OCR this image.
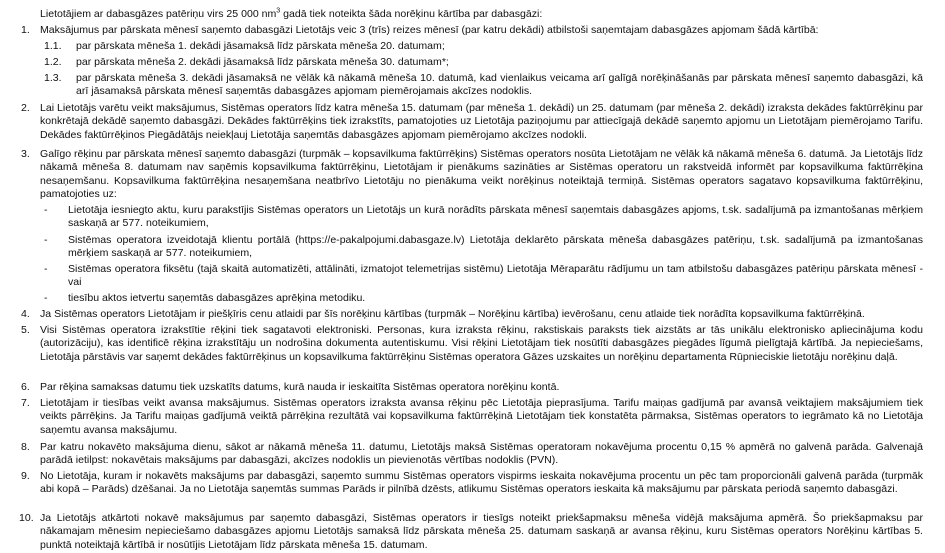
Lietotājiem ar dabasgāzes patēriņu virs 25 000 $nm^3$ gadā tiek noteikta šāda norēķinu kārtība par dabasgāzi:
1. Maksājumus par pārskata mēnesī saņemto dabasgāzi Lietotājs veic 3 (trīs) reizes mēnesī (par katru dekādi) atbilstoši saņemtajam dabasgāzes apjomam šādā kārtībā:
1.1. par pārskata mēneša 1. dekādi jāsamaksā līdz pārskata mēneša 20. datumam;
1.2. par pārskata mēneša 2. dekādi jāsamaksā līdz pārskata mēneša 30. datumam*;
1.3. par pārskata mēneša 3. dekādi jāsamaksā ne vēlāk kā nākamā mēneša 10. datumā, kad vienlaikus veicama arī galīgā norēķināšanās par pārskata mēnesī saņemto dabasgāzi, kā arī jāsamaksā pārskata mēnesī saņemtās dabasgāzes apjomam piemērojamais akcīzes nodoklis.
2. Lai Lietotājs varētu veikt maksājumus, Sistēmas operators līdz katra mēneša 15. datumam (par mēneša 1. dekādi) un 25. datumam (par mēneša 2. dekādi) izraksta dekādes faktūrrēķinu par konkrētajā dekādē saņemto dabasgāzi. Dekādes faktūrrēķins tiek izrakstīts, pamatojoties uz Lietotāja paziņojumu par attiecīgajā dekādē saņemto apjomu un Lietotājam piemērojamo Tarifu. Dekādes faktūrrēķinos Piegādātājs neiekļauj Lietotāja saņemtās dabasgāzes apjomam piemērojamo akcīzes nodokli.
3. Galīgo rēķinu par pārskata mēnesī saņemto dabasgāzi (turpmāk – kopsavilkuma faktūrrēķins) Sistēmas operators nosūta Lietotājam ne vēlāk kā nākamā mēneša 6. datumā. Ja Lietotājs līdz nākamā mēneša 8. datumam nav saņēmis kopsavilkuma faktūrrēķinu, Lietotājam ir pienākums sazināties ar Sistēmas operatoru un rakstveidā informēt par kopsavilkuma faktūrrēķina nesaņemšanu. Kopsavilkuma faktūrrēķina nesaņemšana neatbrīvo Lietotāju no pienākuma veikt norēķinus noteiktajā termiņā. Sistēmas operators sagatavo kopsavilkuma faktūrrēķinu, pamatojoties uz:
- Lietotāja iesniegto aktu, kuru parakstījis Sistēmas operators un Lietotājs un kurā norādīts pārskata mēnesī saņemtais dabasgāzes apjoms, t.sk. sadalījumā pa izmantošanas mērķiem saskaņā ar 577. noteikumiem,
- Sistēmas operatora izveidotajā klientu portālā (https://e-pakalpojumi.dabasgaze.lv) Lietotāja deklarēto pārskata mēneša dabasgāzes patēriņu, t.sk. sadalījumā pa izmantošanas mērķiem saskaņā ar 577. noteikumiem,
- Sistēmas operatora fiksētu (tajā skaitā automatizēti, attālināti, izmatojot telemetrijas sistēmu) Lietotāja Mēraparātu rādījumu un tam atbilstošu dabasgāzes patēriņu pārskata mēnesī - vai
- tiesību aktos ietvertu saņemtās dabasgāzes aprēķina metodiku.
4. Ja Sistēmas operators Lietotājam ir piešķīris cenu atlaidi par šīs norēķinu kārtības (turpmāk – Norēķinu kārtība) ievērošanu, cenu atlaide tiek norādīta kopsavilkuma faktūrrēķinā.
5. Visi Sistēmas operatora izrakstītie rēķini tiek sagatavoti elektroniski. Personas, kura izraksta rēķinu, rakstiskais paraksts tiek aizstāts ar tās unikālu elektronisko apliecinājuma kodu (autorizāciju), kas identificē rēķina izrakstītāju un nodrošina dokumenta autentiskumu. Visi rēķini Lietotājam tiek nosūtīti dabasgāzes piegādes līgumā pielīgtajā kārtībā. Ja nepieciešams, Lietotāja pārstāvis var saņemt dekādes faktūrrēķinus un kopsavilkuma faktūrrēķinu Sistēmas operatora Gāzes uzskaites un norēķinu departamenta Rūpnieciskie lietotāju norēķinu daļā.
6. Par rēķina samaksas datumu tiek uzskatīts datums, kurā nauda ir ieskaitīta Sistēmas operatora norēķinu kontā.
7. Lietotājam ir tiesības veikt avansa maksājumus. Sistēmas operators izraksta avansa rēķinu pēc Lietotāja pieprasījuma. Tarifu maiņas gadījumā par avansā veiktajiem maksājumiem tiek veikts pārrēķins. Ja Tarifu maiņas gadījumā veiktā pārrēķina rezultātā vai kopsavilkuma faktūrrēķinā Lietotājam tiek konstatēta pārmaksa, Sistēmas operators to iegrāmato kā no Lietotāja saņemtu avansa maksājumu.
8. Par katru nokavēto maksājuma dienu, sākot ar nākamā mēneša 11. datumu, Lietotājs maksā Sistēmas operatoram nokavējuma procentu 0,15 % apmērā no galvenā parāda. Galvenajā parādā ietilpst: nokavētais maksājums par dabasgāzi, akcīzes nodoklis un pievienotās vērtības nodoklis (PVN).
9. No Lietotāja, kuram ir nokavēts maksājums par dabasgāzi, saņemto summu Sistēmas operators vispirms ieskaita nokavējuma procentu un pēc tam proporcionāli galvenā parāda (turpmāk abi kopā – Parāds) dzēšanai. Ja no Lietotāja saņemtās summas Parāds ir pilnībā dzēsts, atlikumu Sistēmas operators ieskaita kā maksājumu par pārskata periodā saņemto dabasgāzi.
10. Ja Lietotājs atkārtoti nokavē maksājumus par saņemto dabasgāzi, Sistēmas operators ir tiesīgs noteikt priekšapmaksu mēneša vidējā maksājuma apmērā. Šo priekšapmaksu par nākamajam mēnesim nepieciešamo dabasgāzes apjomu Lietotājs samaksā līdz pārskata mēneša 25. datumam saskaņā ar avansa rēķinu, kuru Sistēmas operators Norēķinu kārtības 5. punktā noteiktajā kārtībā ir nosūtījis Lietotājam līdz pārskata mēneša 15. datumam.
